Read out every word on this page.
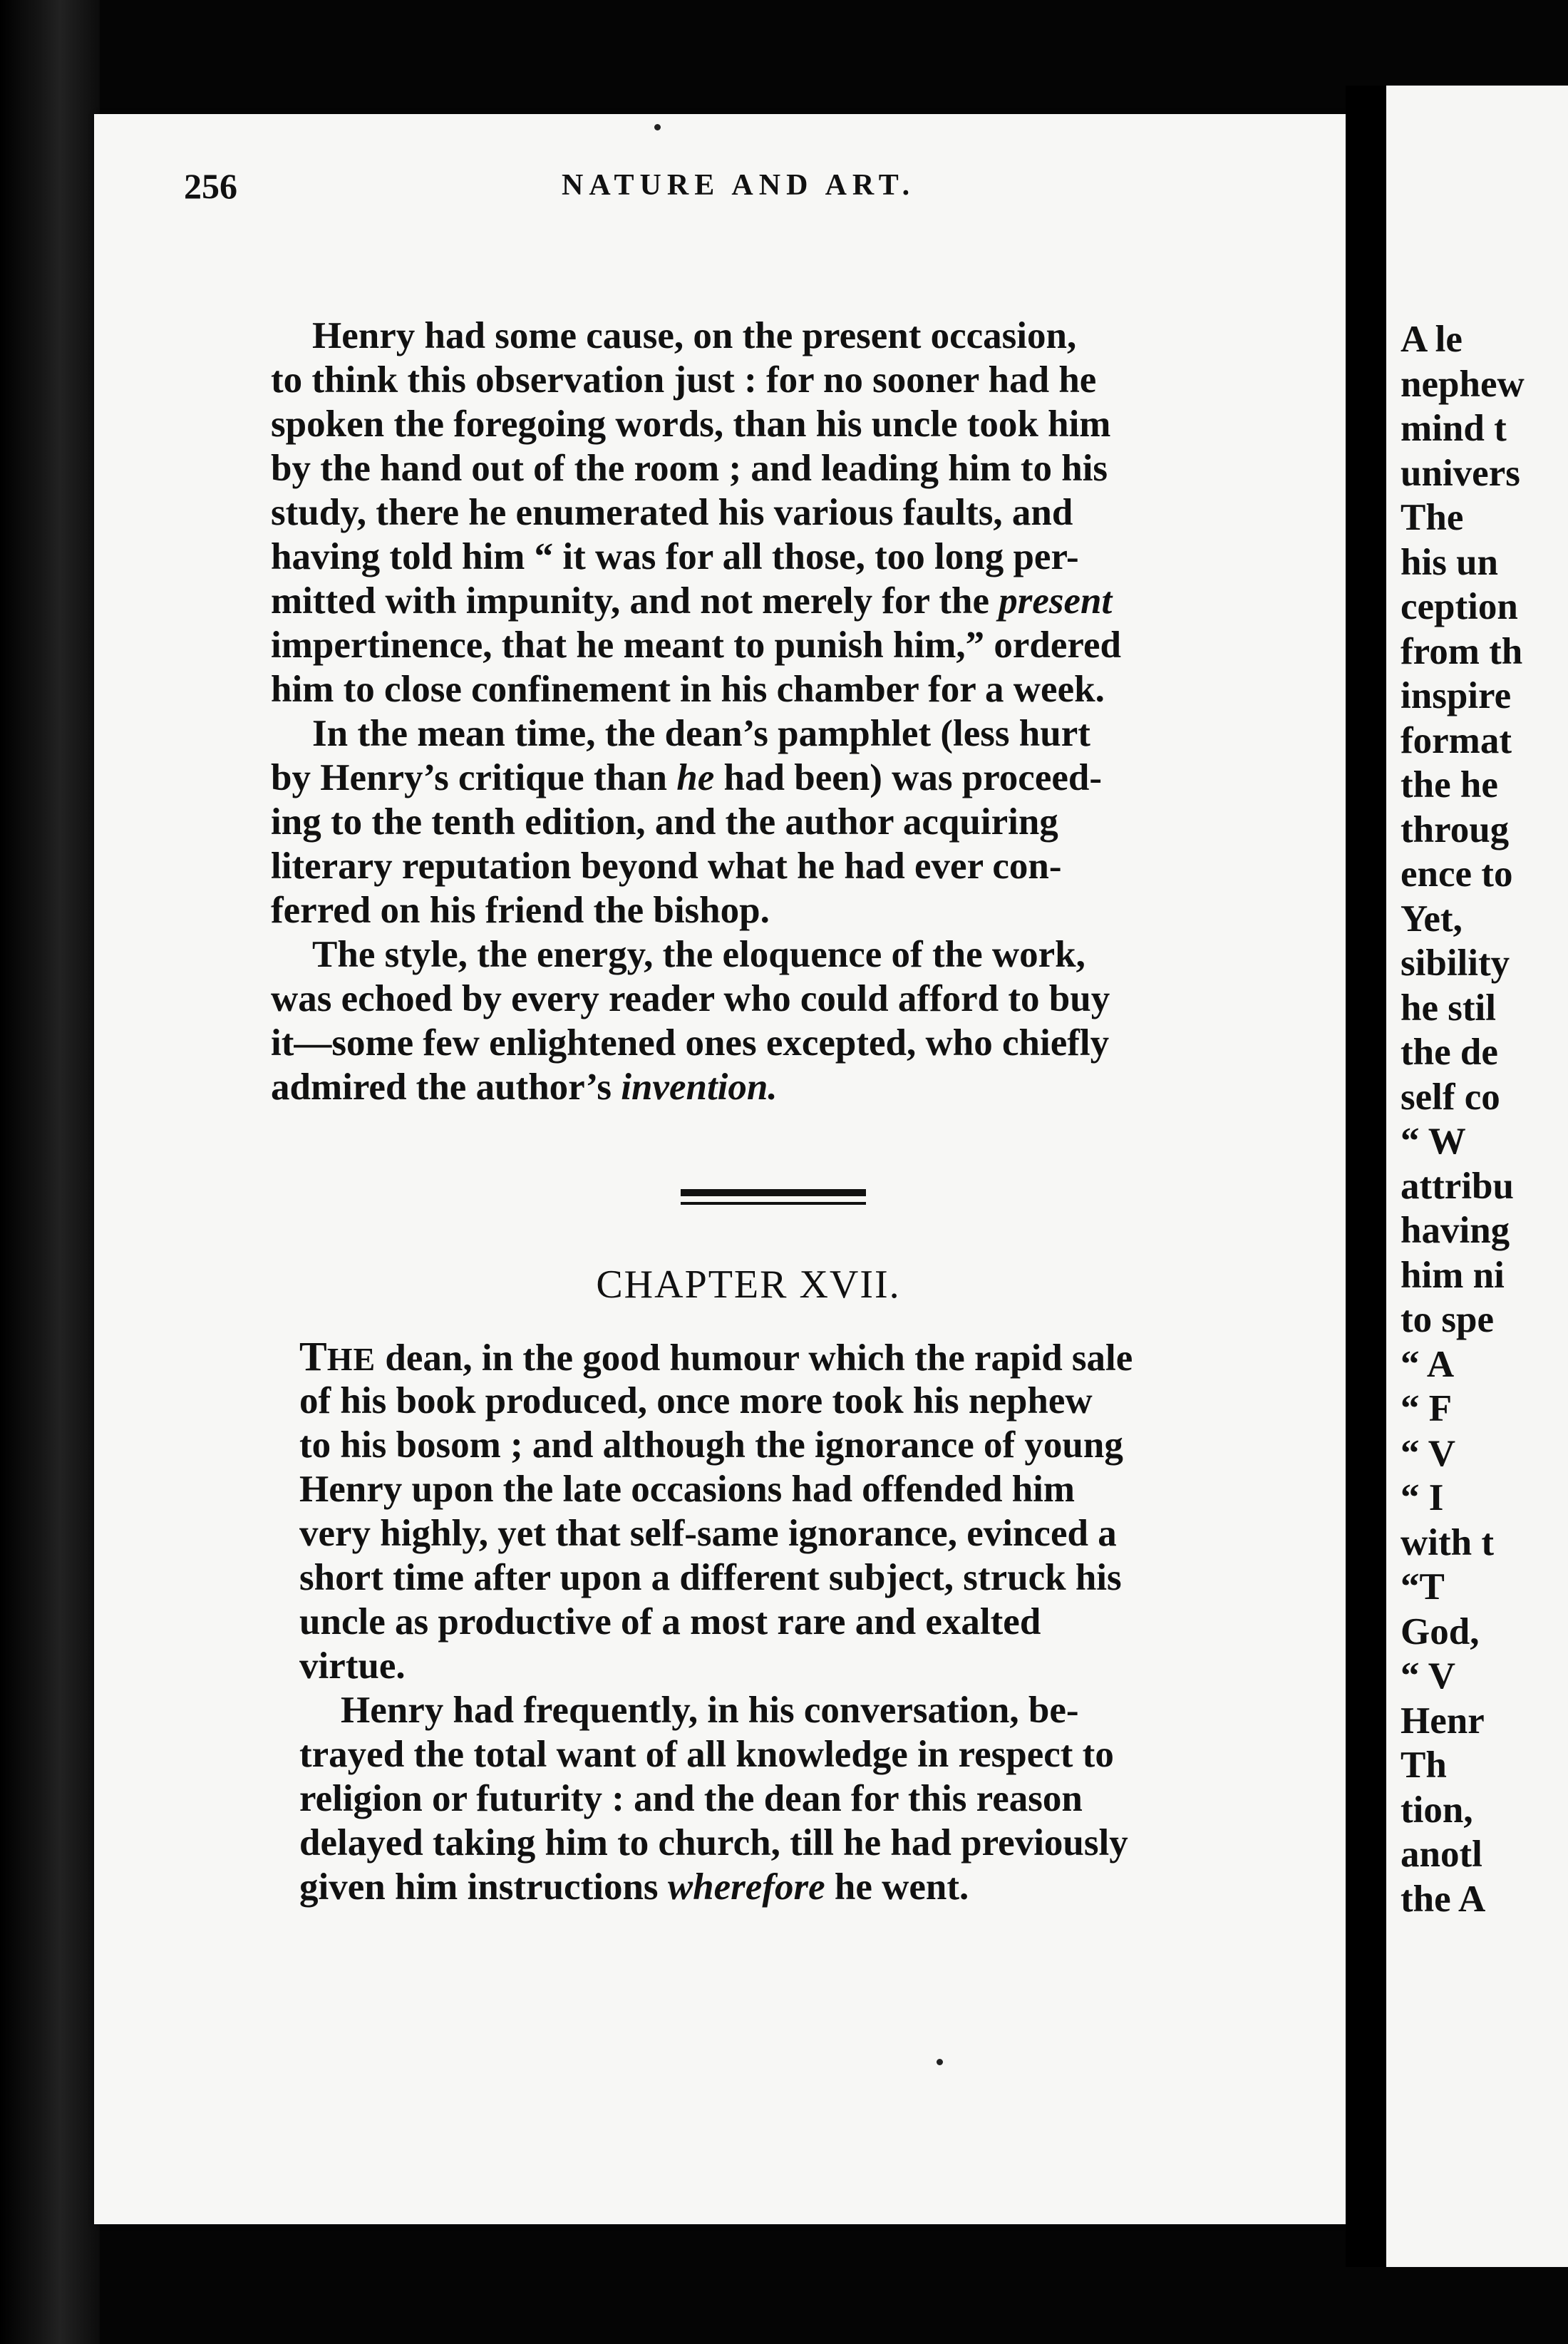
256	NATURE AND ART.
Henry had some cause, on the present occasion,
to think this observation just : for no sooner had he
spoken the foregoing words, than his uncle took him
by the hand out of the room ; and leading him to his
study, there he enumerated his various faults, and
having told him “ it was for all those, too long per-
mitted with impunity, and not merely for the present
impertinence, that he meant to punish him,” ordered
him to close confinement in his chamber for a week.
In the mean time, the dean’s pamphlet (less hurt
by Henry’s critique than he had been) was proceed-
ing to the tenth edition, and the author acquiring
literary reputation beyond what he had ever con-
ferred on his friend the bishop.
The style, the energy, the eloquence of the work,
was echoed by every reader who could afford to buy
it—some few enlightened ones excepted, who chiefly
admired the author’s invention.
CHAPTER XVII.
THE dean, in the good humour which the rapid sale
of his book produced, once more took his nephew
to his bosom ; and although the ignorance of young
Henry upon the late occasions had offended him
very highly, yet that self-same ignorance, evinced a
short time after upon a different subject, struck his
uncle as productive of a most rare and exalted
virtue.
Henry had frequently, in his conversation, be-
trayed the total want of all knowledge in respect to
religion or futurity : and the dean for this reason
delayed taking him to church, till he had previously
given him instructions wherefore he went.
A le
nephew
mind t
univers
The
his un
ception
from th
inspire
format
the he
throug
ence to
Yet,
sibility
he stil
the de
self co
“ W
attribu
having
him ni
to spe
“ A
“ F
“ V
“ I
with t
“T
God,
“ V
Henr
Th
tion,
anotl
the A
